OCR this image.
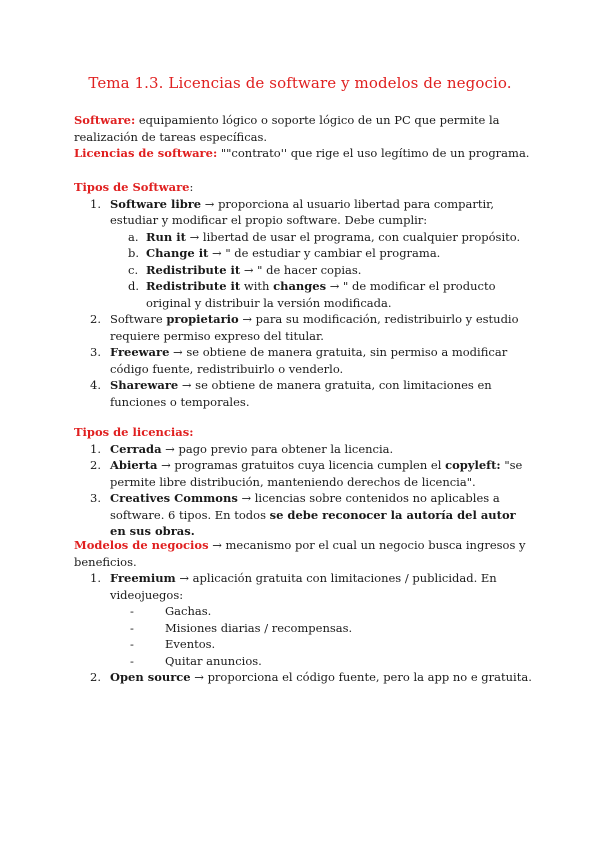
Tema 1.3. Licencias de software y modelos de negocio.
Software: equipamiento lógico o soporte lógico de un PC que permite la realización de tareas específicas.
Licencias de software: ""contrato'' que rige el uso legítimo de un programa.
Tipos de Software:
1. Software libre → proporciona al usuario libertad para compartir, estudiar y modificar el propio software. Debe cumplir:
a. Run it → libertad de usar el programa, con cualquier propósito.
b. Change it → " de estudiar y cambiar el programa.
c. Redistribute it → " de hacer copias.
d. Redistribute it with changes → " de modificar el producto original y distribuir la versión modificada.
2. Software propietario → para su modificación, redistribuirlo y estudio requiere permiso expreso del titular.
3. Freeware → se obtiene de manera gratuita, sin permiso a modificar código fuente, redistribuirlo o venderlo.
4. Shareware → se obtiene de manera gratuita, con limitaciones en funciones o temporales.
Tipos de licencias:
1. Cerrada → pago previo para obtener la licencia.
2. Abierta → programas gratuitos cuya licencia cumplen el copyleft: "se permite libre distribución, manteniendo derechos de licencia".
3. Creatives Commons → licencias sobre contenidos no aplicables a software. 6 tipos. En todos se debe reconocer la autoría del autor en sus obras.
Modelos de negocios → mecanismo por el cual un negocio busca ingresos y beneficios.
1. Freemium → aplicación gratuita con limitaciones / publicidad. En videojuegos:
-	Gachas.
-	Misiones diarias / recompensas.
-	Eventos.
-	Quitar anuncios.
2. Open source → proporciona el código fuente, pero la app no e gratuita.
